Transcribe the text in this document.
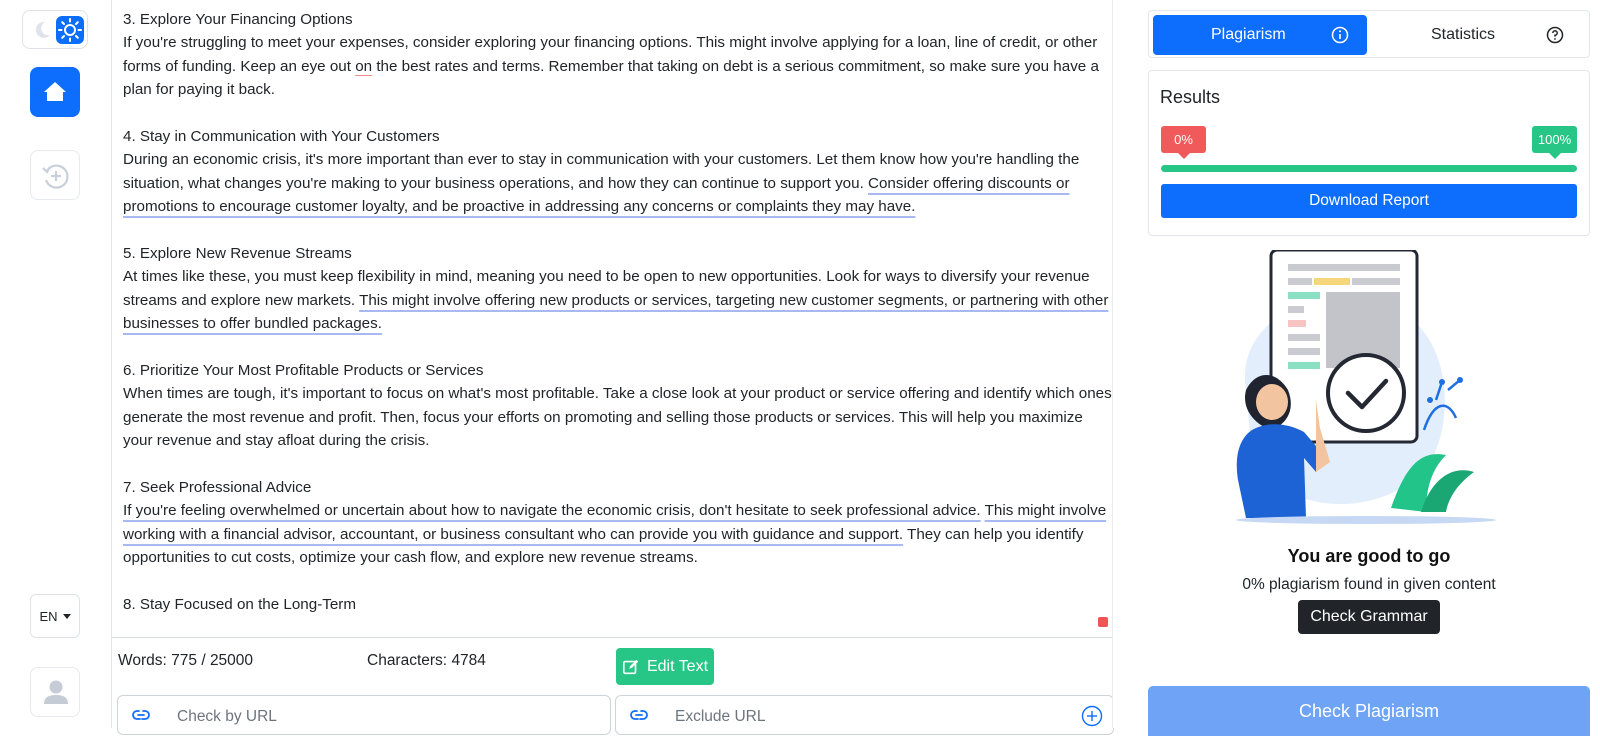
EN
3. Explore Your Financing Options
If you're struggling to meet your expenses, consider exploring your financing options. This might involve applying for a loan, line of credit, or other forms of funding. Keep an eye out on the best rates and terms. Remember that taking on debt is a serious commitment, so make sure you have a plan for paying it back.
4. Stay in Communication with Your Customers
During an economic crisis, it's more important than ever to stay in communication with your customers. Let them know how you're handling the situation, what changes you're making to your business operations, and how they can continue to support you. Consider offering discounts or promotions to encourage customer loyalty, and be proactive in addressing any concerns or complaints they may have.
5. Explore New Revenue Streams
At times like these, you must keep flexibility in mind, meaning you need to be open to new opportunities. Look for ways to diversify your revenue streams and explore new markets. This might involve offering new products or services, targeting new customer segments, or partnering with other businesses to offer bundled packages.
6. Prioritize Your Most Profitable Products or Services
When times are tough, it's important to focus on what's most profitable. Take a close look at your product or service offering and identify which ones generate the most revenue and profit. Then, focus your efforts on promoting and selling those products or services. This will help you maximize your revenue and stay afloat during the crisis.
7. Seek Professional Advice
If you're feeling overwhelmed or uncertain about how to navigate the economic crisis, don't hesitate to seek professional advice. This might involve working with a financial advisor, accountant, or business consultant who can provide you with guidance and support. They can help you identify opportunities to cut costs, optimize your cash flow, and explore new revenue streams.
8. Stay Focused on the Long-Term
Words: 775 / 25000	Characters: 4784	Edit Text
Check by URL	Exclude URL
Plagiarism	Statistics
Results
0%	100%
Download Report
You are good to go
0% plagiarism found in given content
Check Grammar
Check Plagiarism
